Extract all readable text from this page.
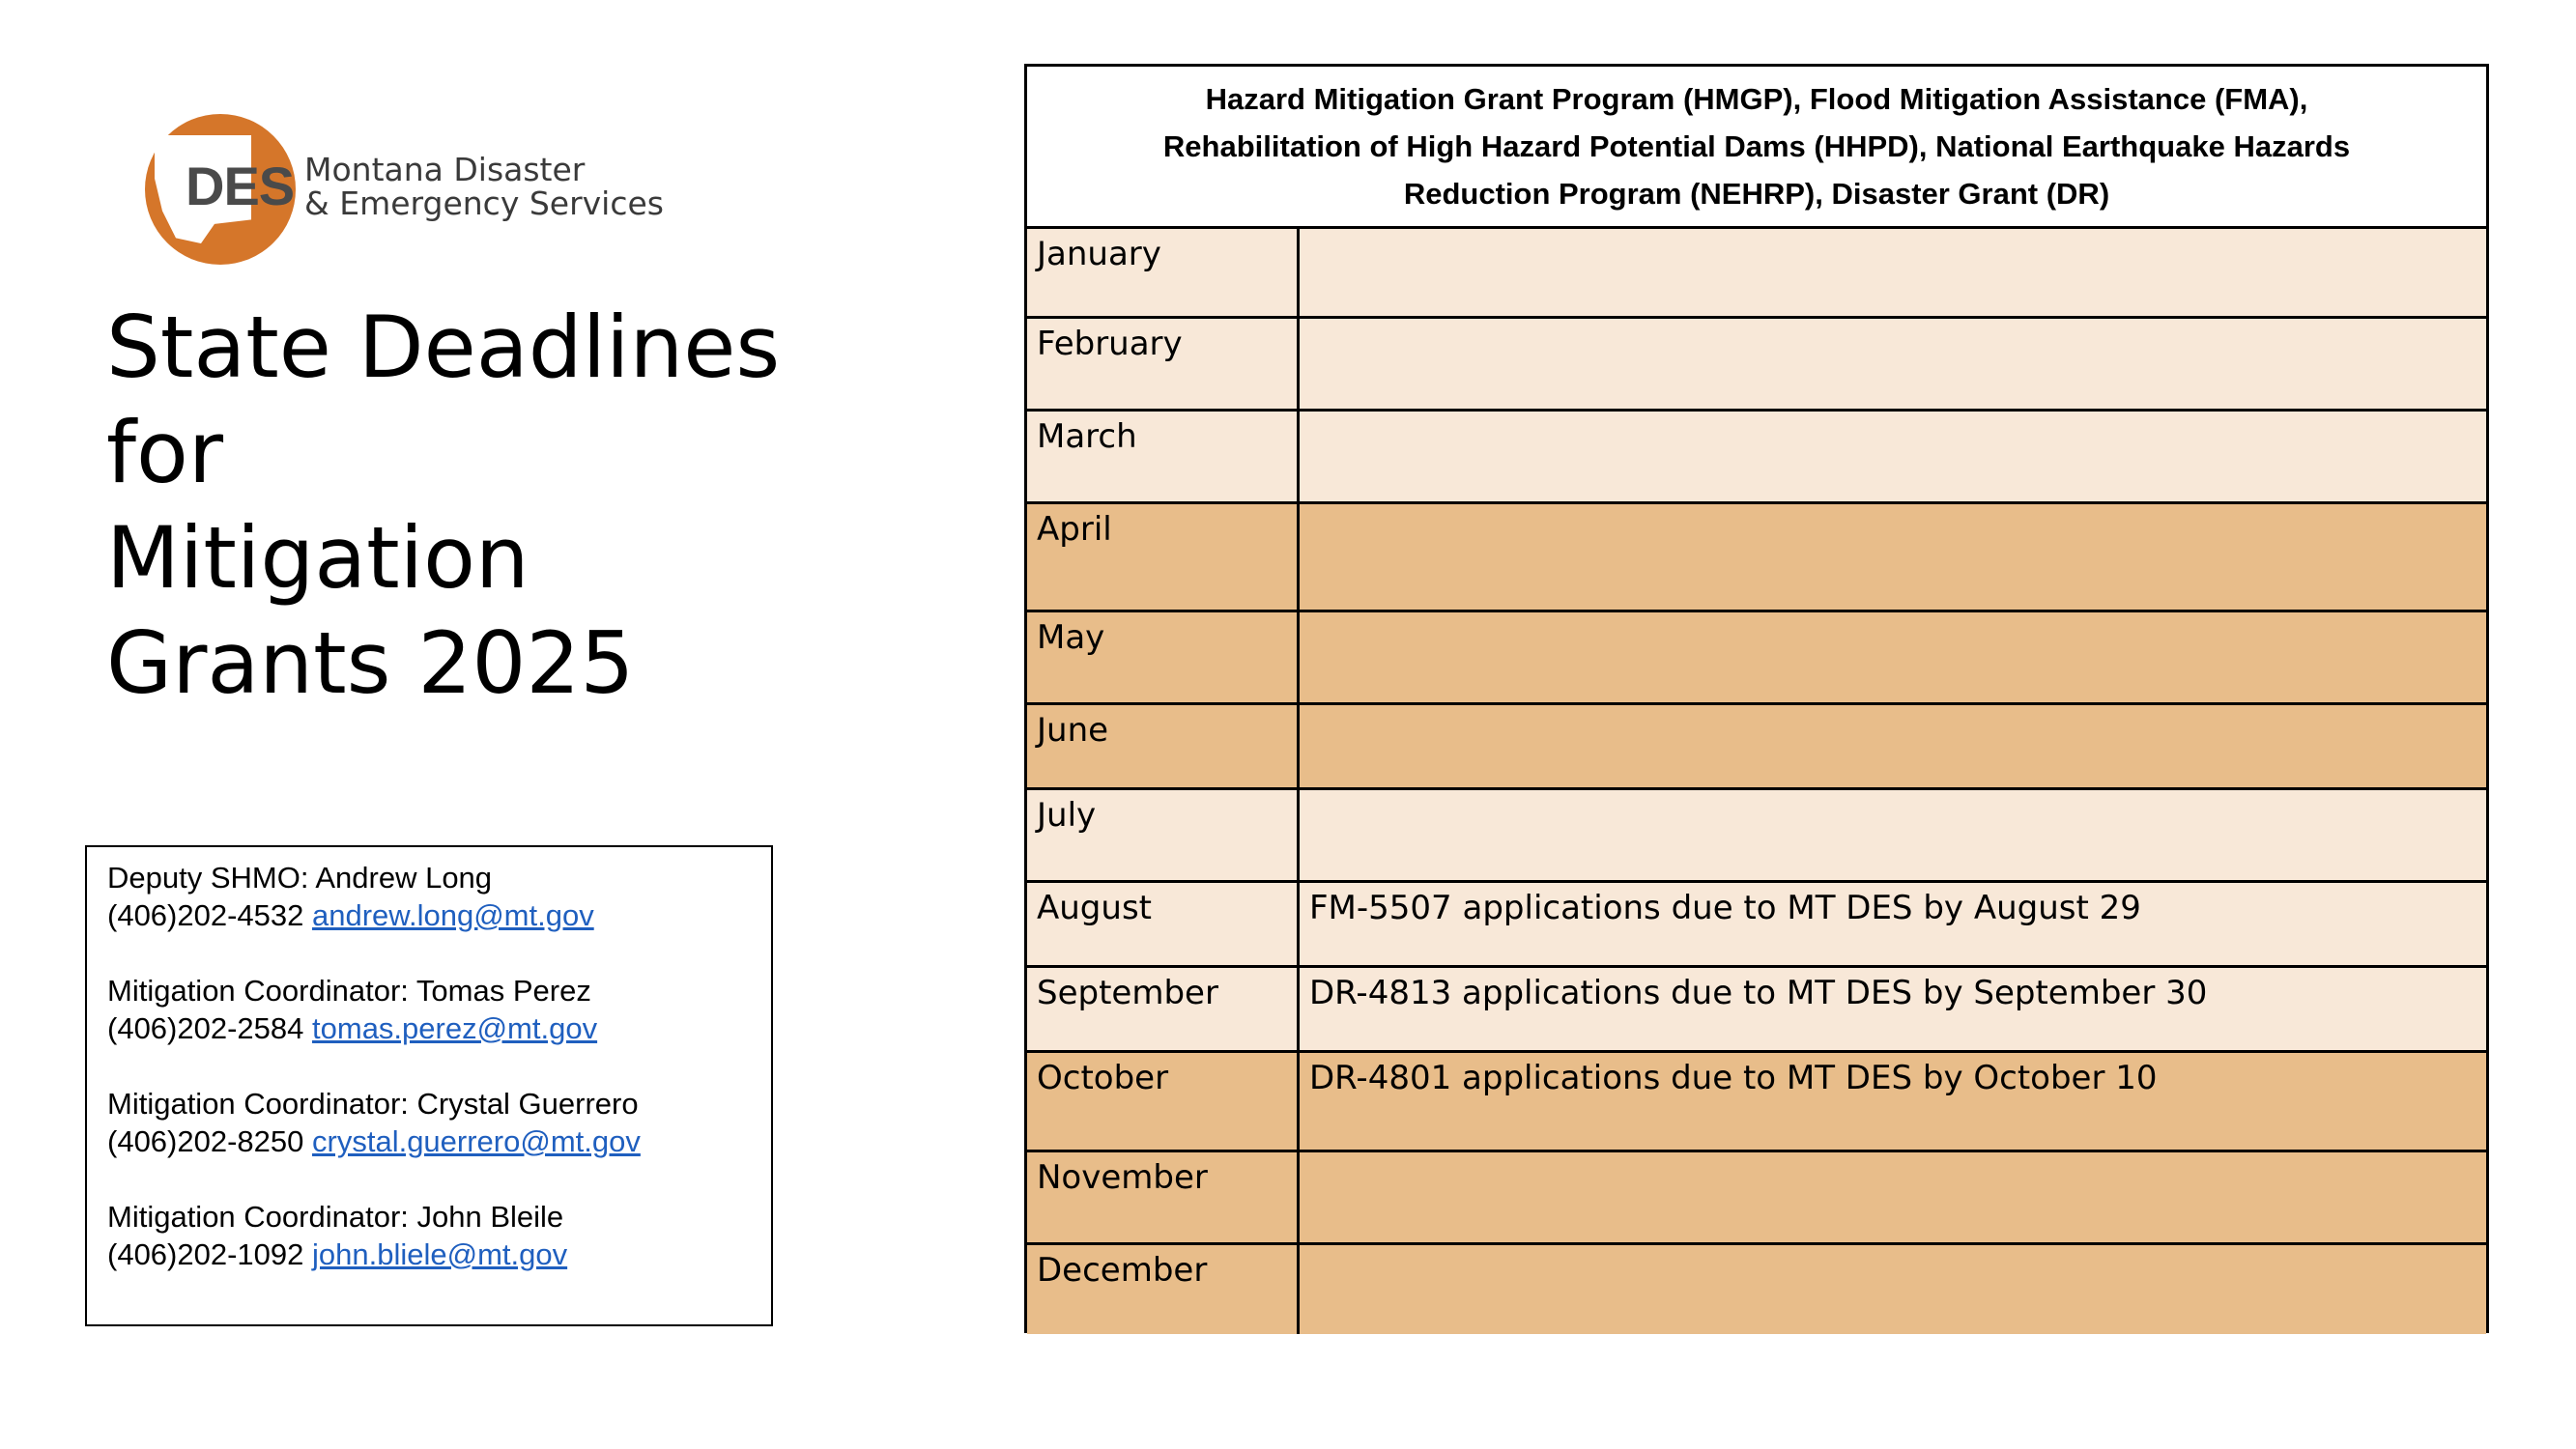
DES Montana Disaster
& Emergency Services
State Deadlines
for
Mitigation
Grants 2025
Deputy SHMO: Andrew Long
(406)202-4532 andrew.long@mt.gov
Mitigation Coordinator: Tomas Perez
(406)202-2584 tomas.perez@mt.gov
Mitigation Coordinator: Crystal Guerrero
(406)202-8250 crystal.guerrero@mt.gov
Mitigation Coordinator: John Bleile
(406)202-1092 john.bliele@mt.gov
Hazard Mitigation Grant Program (HMGP), Flood Mitigation Assistance (FMA),
Rehabilitation of High Hazard Potential Dams (HHPD), National Earthquake Hazards
Reduction Program (NEHRP), Disaster Grant (DR)
January
February
March
April
May
June
July
August	FM-5507 applications due to MT DES by August 29
September	DR-4813 applications due to MT DES by September 30
October	DR-4801 applications due to MT DES by October 10
November
December
